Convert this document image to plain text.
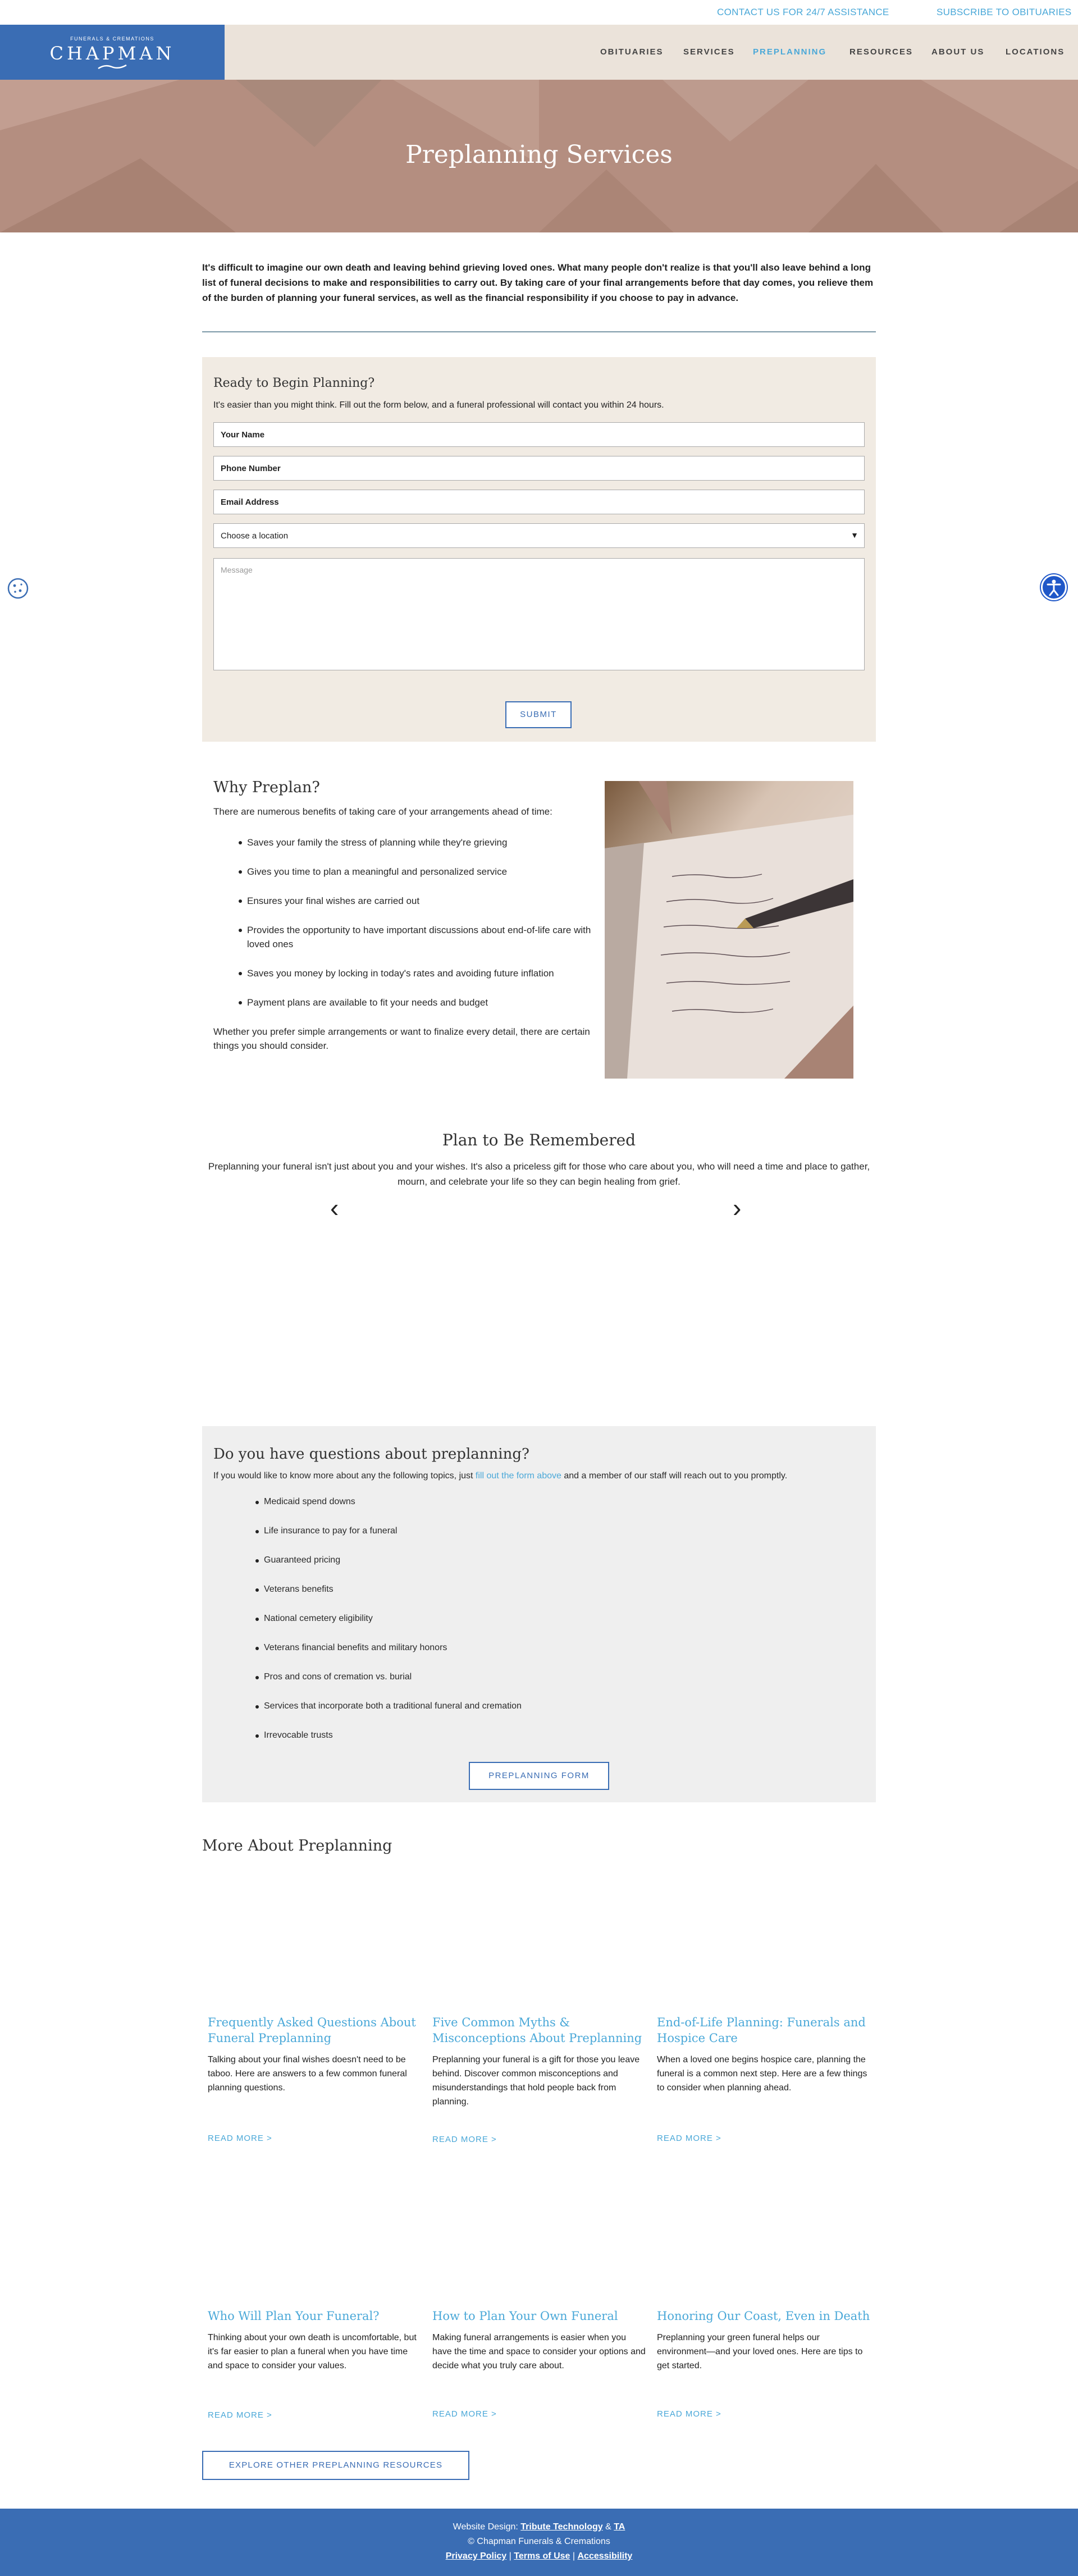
CONTACT US FOR 24/7 ASSISTANCE	SUBSCRIBE TO OBITUARIES
FUNERALS & CREMATIONS
CHAPMAN	OBITUARIES SERVICES PREPLANNING	RESOURCES ABOUT US	LOCATIONS
Preplanning Services

It's difficult to imagine our own death and leaving behind grieving loved ones. What many people don't realize is that you'll also leave behind a long list of funeral decisions to make and responsibilities to carry out. By taking care of your final arrangements before that day comes, you relieve them of the burden of planning your funeral services, as well as the financial responsibility if you choose to pay in advance.

Ready to Begin Planning?

It's easier than you might think. Fill out the form below, and a funeral professional will contact you within 24 hours.

Your Name
Phone Number
Email Address
Choose a location	▼
Message
SUBMIT
Why Preplan?

There are numerous benefits of taking care of your arrangements ahead of time:

Saves your family the stress of planning while they're grieving
Gives you time to plan a meaningful and personalized service
Ensures your final wishes are carried out
Provides the opportunity to have important discussions about end-of-life care with loved ones
Saves you money by locking in today's rates and avoiding future inflation
Payment plans are available to fit your needs and budget

Whether you prefer simple arrangements or want to finalize every detail, there are certain things you should consider.

Plan to Be Remembered

Preplanning your funeral isn't just about you and your wishes. It's also a priceless gift for those who care about you, who will need a time and place to gather, mourn, and celebrate your life so they can begin healing from grief.

‹	›
Do you have questions about preplanning?

If you would like to know more about any the following topics, just fill out the form above and a member of our staff will reach out to you promptly.

Medicaid spend downs
Life insurance to pay for a funeral
Guaranteed pricing
Veterans benefits
National cemetery eligibility
Veterans financial benefits and military honors
Pros and cons of cremation vs. burial
Services that incorporate both a traditional funeral and cremation
Irrevocable trusts
PREPLANNING FORM
More About Preplanning
Frequently Asked Questions About Funeral Preplanning

Talking about your final wishes doesn't need to be taboo. Here are answers to a few common funeral planning questions.

READ MORE >
Five Common Myths & Misconceptions About Preplanning

Preplanning your funeral is a gift for those you leave behind. Discover common misconceptions and misunderstandings that hold people back from planning.

READ MORE >
End-of-Life Planning: Funerals and Hospice Care

When a loved one begins hospice care, planning the funeral is a common next step. Here are a few things to consider when planning ahead.

READ MORE >
Who Will Plan Your Funeral?

Thinking about your own death is uncomfortable, but it's far easier to plan a funeral when you have time and space to consider your values.

READ MORE >
How to Plan Your Own Funeral

Making funeral arrangements is easier when you have the time and space to consider your options and decide what you truly care about.

READ MORE >
Honoring Our Coast, Even in Death

Preplanning your green funeral helps our environment—and your loved ones. Here are tips to get started.

READ MORE >
EXPLORE OTHER PREPLANNING RESOURCES
Website Design: Tribute Technology & TA
© Chapman Funerals & Cremations
Privacy Policy | Terms of Use | Accessibility
